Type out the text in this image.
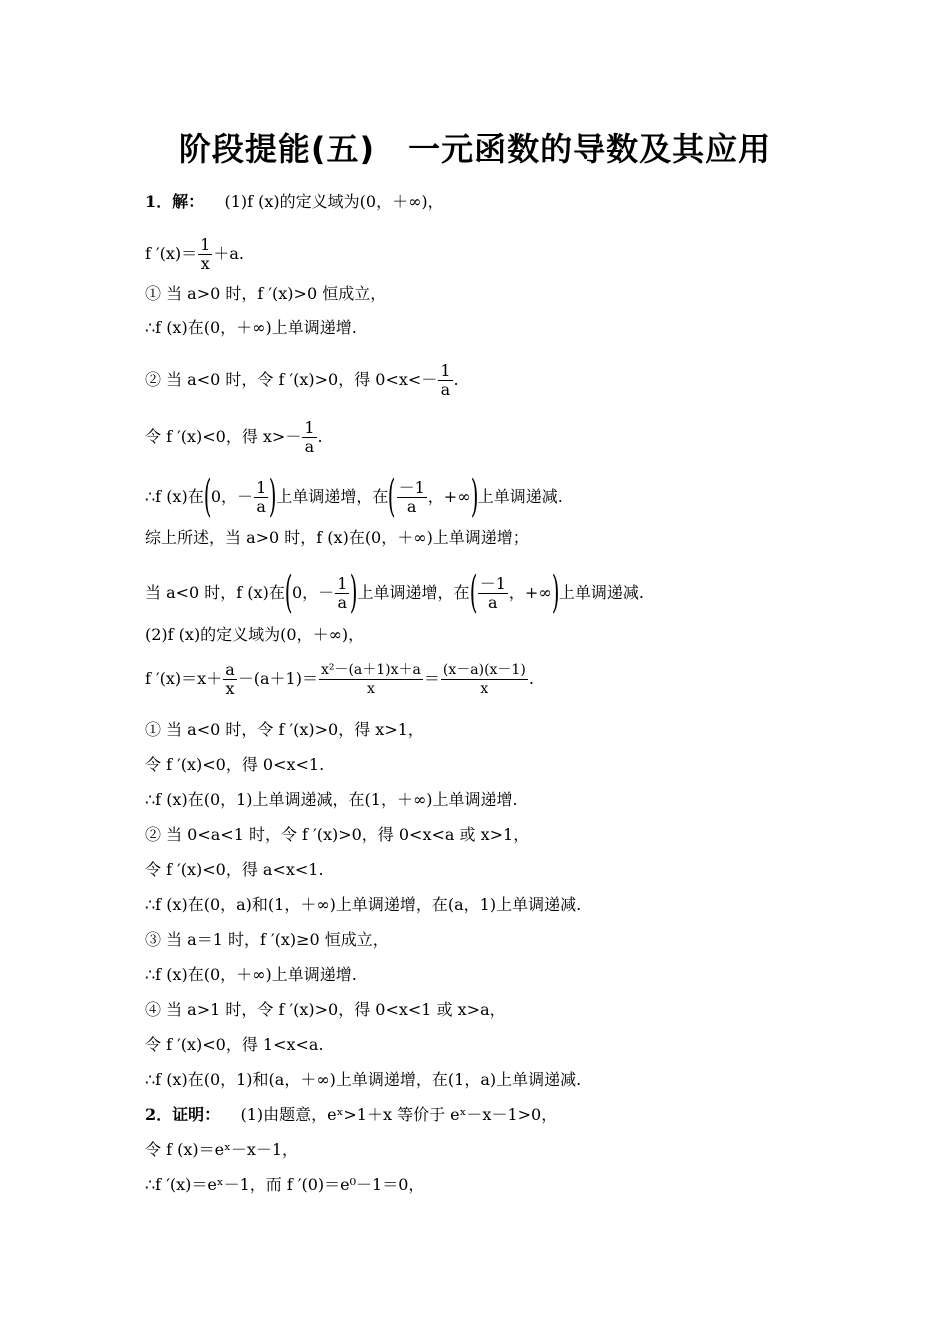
阶段提能(五)　一元函数的导数及其应用
1．解： (1)f (x)的定义域为(0，＋∞)，
f $'(x)= \frac{1}{x} +a$.
① 当 a>0 时，f ′(x)>0 恒成立，
∴f (x)在(0，＋∞)上单调递增.
② 当 a<0 时，令 f ′(x)>0，得 $0<x<- \frac{1}{a}$ .
令 f ′(x)<0，得 $x>- \frac{1}{a}$ .
∴f (x)在(0，－ $\frac{1}{a}$ )上单调递增，在( $\frac{-1}{a}$ ，+∞)上单调递减.
综上所述，当 a>0 时，f (x)在(0，＋∞)上单调递增；
当 a<0 时，f (x)在(0，－ $\frac{1}{a}$ )上单调递增，在( $\frac{-1}{a}$ ，+∞)上单调递减.
(2)f (x)的定义域为(0，＋∞)，
f $'(x)=x+ \frac{a}{x} -(a+1)= \frac{\text{x²－(a＋1)x＋a}}{x} = \frac{(x-a)(x-1)}{x}$ .
① 当 a<0 时，令 f ′(x)>0，得 x>1，
令 f ′(x)<0，得 0<x<1.
∴f (x)在(0，1)上单调递减，在(1，＋∞)上单调递增.
② 当 0<a<1 时，令 f ′(x)>0，得 0<x<a 或 x>1，
令 f ′(x)<0，得 a<x<1.
∴f (x)在(0，a)和(1，＋∞)上单调递增，在(a，1)上单调递减.
③ 当 a＝1 时，f ′(x)≥0 恒成立，
∴f (x)在(0，＋∞)上单调递增.
④ 当 a>1 时，令 f ′(x)>0，得 0<x<1 或 x>a，
令 f ′(x)<0，得 1<x<a.
∴f (x)在(0，1)和(a，＋∞)上单调递增，在(1，a)上单调递减.
2．证明： (1)由题意，eˣ>1＋x 等价于 eˣ－x－1>0，
令 f (x)＝eˣ－x－1，
∴f ′(x)＝eˣ－1，而 f ′(0)＝e⁰－1＝0，
